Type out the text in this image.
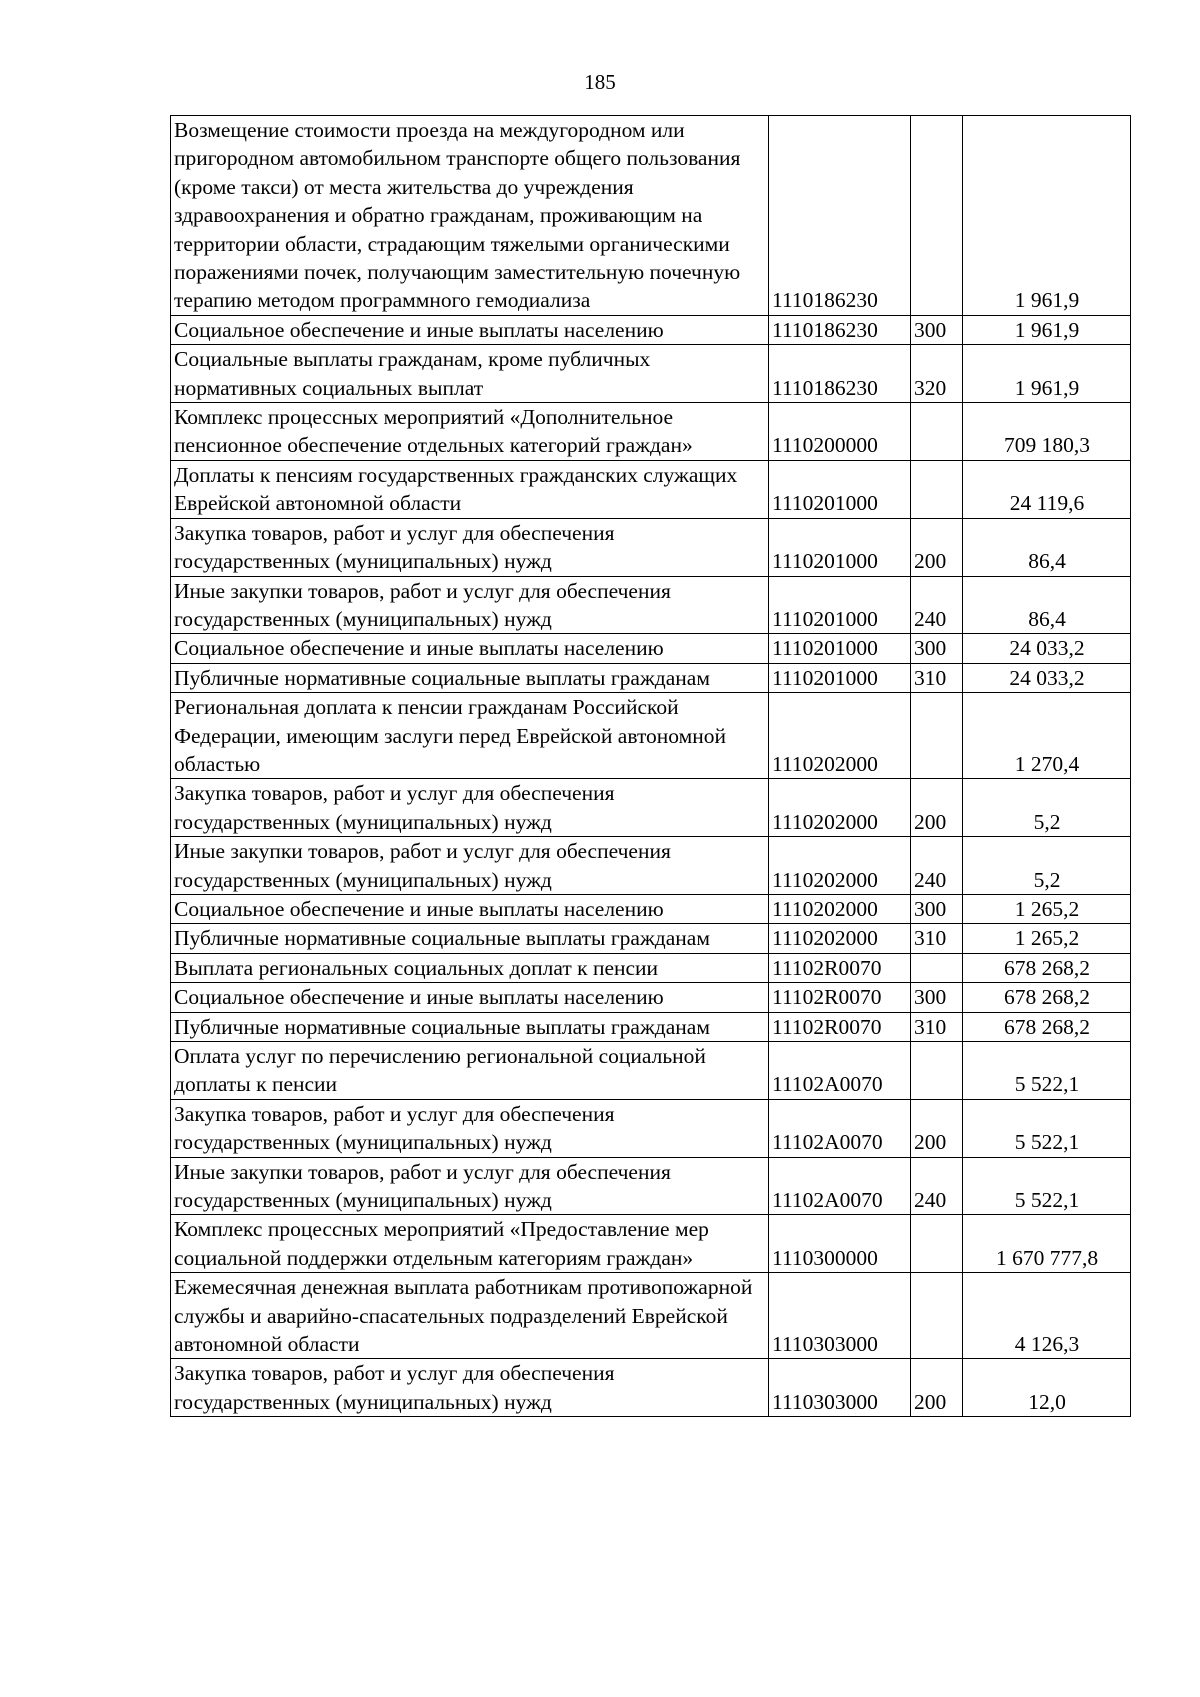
185
Возмещение стоимости проезда на междугородном или пригородном автомобильном транспорте общего пользования (кроме такси) от места жительства до учреждения здравоохранения и обратно гражданам, проживающим на территории области, страдающим тяжелыми органическими поражениями почек, получающим заместительную почечную терапию методом программного гемодиализа	1110186230		1 961,9
Социальное обеспечение и иные выплаты населению	1110186230	300	1 961,9
Социальные выплаты гражданам, кроме публичных нормативных социальных выплат	1110186230	320	1 961,9
Комплекс процессных мероприятий «Дополнительное пенсионное обеспечение отдельных категорий граждан»	1110200000		709 180,3
Доплаты к пенсиям государственных гражданских служащих Еврейской автономной области	1110201000		24 119,6
Закупка товаров, работ и услуг для обеспечения государственных (муниципальных) нужд	1110201000	200	86,4
Иные закупки товаров, работ и услуг для обеспечения государственных (муниципальных) нужд	1110201000	240	86,4
Социальное обеспечение и иные выплаты населению	1110201000	300	24 033,2
Публичные нормативные социальные выплаты гражданам	1110201000	310	24 033,2
Региональная доплата к пенсии гражданам Российской Федерации, имеющим заслуги перед Еврейской автономной областью	1110202000		1 270,4
Закупка товаров, работ и услуг для обеспечения государственных (муниципальных) нужд	1110202000	200	5,2
Иные закупки товаров, работ и услуг для обеспечения государственных (муниципальных) нужд	1110202000	240	5,2
Социальное обеспечение и иные выплаты населению	1110202000	300	1 265,2
Публичные нормативные социальные выплаты гражданам	1110202000	310	1 265,2
Выплата региональных социальных доплат к пенсии	11102R0070		678 268,2
Социальное обеспечение и иные выплаты населению	11102R0070	300	678 268,2
Публичные нормативные социальные выплаты гражданам	11102R0070	310	678 268,2
Оплата услуг по перечислению региональной социальной доплаты к пенсии	11102А0070		5 522,1
Закупка товаров, работ и услуг для обеспечения государственных (муниципальных) нужд	11102А0070	200	5 522,1
Иные закупки товаров, работ и услуг для обеспечения государственных (муниципальных) нужд	11102А0070	240	5 522,1
Комплекс процессных мероприятий «Предоставление мер социальной поддержки отдельным категориям граждан»	1110300000		1 670 777,8
Ежемесячная денежная выплата работникам противопожарной службы и аварийно-спасательных подразделений Еврейской автономной области	1110303000		4 126,3
Закупка товаров, работ и услуг для обеспечения государственных (муниципальных) нужд	1110303000	200	12,0
